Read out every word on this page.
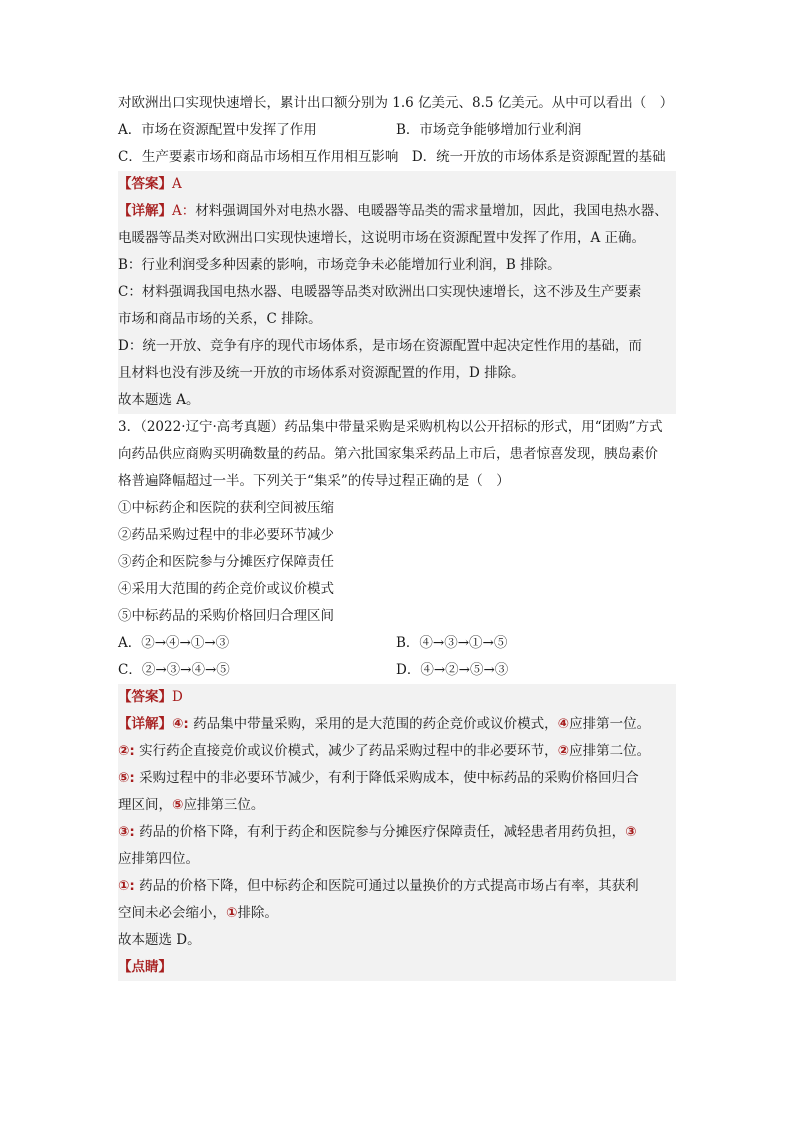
对欧洲出口实现快速增长，累计出口额分别为 1.6 亿美元、8.5 亿美元。从中可以看出（　）
A．市场在资源配置中发挥了作用	B．市场竞争能够增加行业利润
C．生产要素市场和商品市场相互作用相互影响  D．统一开放的市场体系是资源配置的基础
【答案】A
【详解】A：材料强调国外对电热水器、电暖器等品类的需求量增加，因此，我国电热水器、
电暖器等品类对欧洲出口实现快速增长，这说明市场在资源配置中发挥了作用，A 正确。
B：行业利润受多种因素的影响，市场竞争未必能增加行业利润，B 排除。
C：材料强调我国电热水器、电暖器等品类对欧洲出口实现快速增长，这不涉及生产要素
市场和商品市场的关系，C 排除。
D：统一开放、竞争有序的现代市场体系，是市场在资源配置中起决定性作用的基础，而
且材料也没有涉及统一开放的市场体系对资源配置的作用，D 排除。
故本题选 A。
3．（2022·辽宁·高考真题）药品集中带量采购是采购机构以公开招标的形式，用“团购”方式
向药品供应商购买明确数量的药品。第六批国家集采药品上市后，患者惊喜发现，胰岛素价
格普遍降幅超过一半。下列关于“集采”的传导过程正确的是（　）
①中标药企和医院的获利空间被压缩
②药品采购过程中的非必要环节减少
③药企和医院参与分摊医疗保障责任
④采用大范围的药企竞价或议价模式
⑤中标药品的采购价格回归合理区间
A．②→④→①→③	B．④→③→①→⑤
C．②→③→④→⑤	D．④→②→⑤→③
【答案】D
【详解】④: 药品集中带量采购，采用的是大范围的药企竞价或议价模式，④应排第一位。
②: 实行药企直接竞价或议价模式，减少了药品采购过程中的非必要环节，②应排第二位。
⑤: 采购过程中的非必要环节减少，有利于降低采购成本，使中标药品的采购价格回归合
理区间，⑤应排第三位。
③: 药品的价格下降，有利于药企和医院参与分摊医疗保障责任，减轻患者用药负担，③
应排第四位。
①: 药品的价格下降，但中标药企和医院可通过以量换价的方式提高市场占有率，其获利
空间未必会缩小，①排除。
故本题选 D。
【点睛】
